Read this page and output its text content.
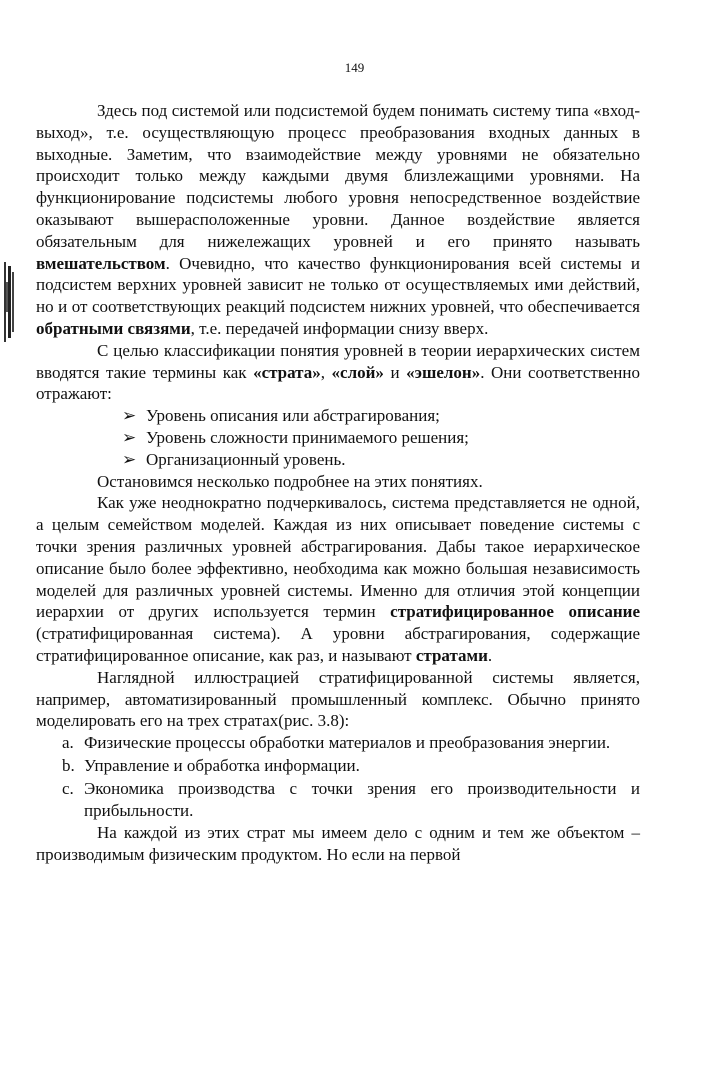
149

Здесь под системой или подсистемой будем понимать систему типа «вход-выход», т.е. осуществляющую процесс преобразования входных данных в выходные. Заметим, что взаимодействие между уровнями не обязательно происходит только между каждыми двумя близлежащими уровнями. На функционирование подсистемы любого уровня непосредственное воздействие оказывают вышерасположенные уровни. Данное воздействие является обязательным для нижележащих уровней и его принято называть вмешательством. Очевидно, что качество функционирования всей системы и подсистем верхних уровней зависит не только от осуществляемых ими действий, но и от соответствующих реакций подсистем нижних уровней, что обеспечивается обратными связями, т.е. передачей информации снизу вверх.

С целью классификации понятия уровней в теории иерархических систем вводятся такие термины как «страта», «слой» и «эшелон». Они соответственно отражают:

➢ Уровень описания или абстрагирования;
➢ Уровень сложности принимаемого решения;
➢ Организационный уровень.

Остановимся несколько подробнее на этих понятиях.

Как уже неоднократно подчеркивалось, система представляется не одной, а целым семейством моделей. Каждая из них описывает поведение системы с точки зрения различных уровней абстрагирования. Дабы такое иерархическое описание было более эффективно, необходима как можно большая независимость моделей для различных уровней системы. Именно для отличия этой концепции иерархии от других используется термин стратифицированное описание (стратифицированная система). А уровни абстрагирования, содержащие стратифицированное описание, как раз, и называют стратами.

Наглядной иллюстрацией стратифицированной системы является, например, автоматизированный промышленный комплекс. Обычно принято моделировать его на трех стратах(рис. 3.8):

a. Физические процессы обработки материалов и преобразования энергии.
b. Управление и обработка информации.
c. Экономика производства с точки зрения его производительности и прибыльности.

На каждой из этих страт мы имеем дело с одним и тем же объектом – производимым физическим продуктом. Но если на первой
